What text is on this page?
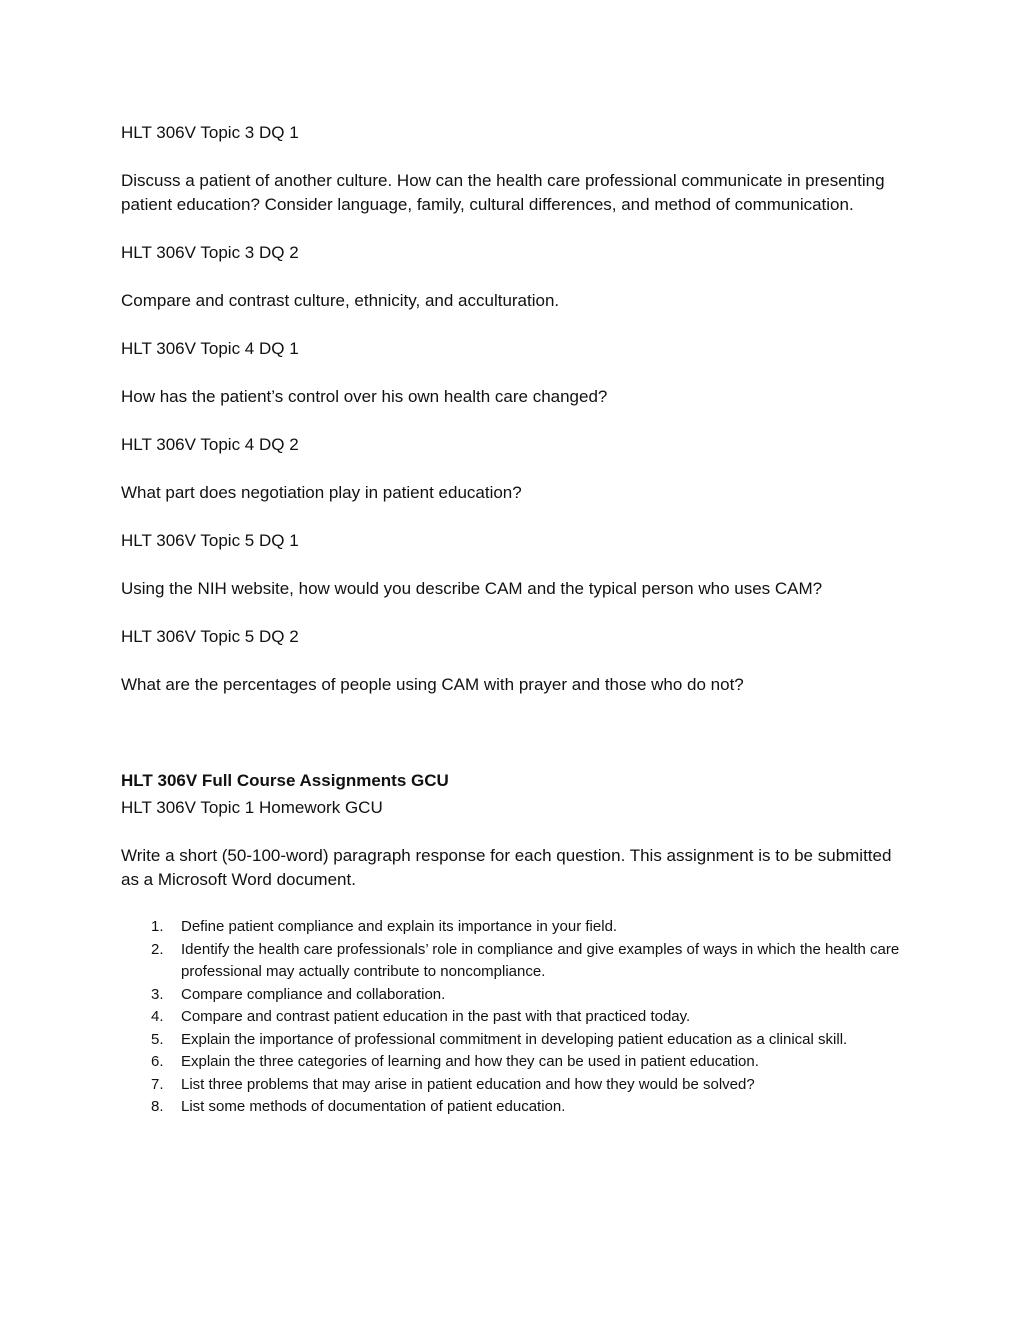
HLT 306V Topic 3 DQ 1

Discuss a patient of another culture. How can the health care professional communicate in presenting patient education? Consider language, family, cultural differences, and method of communication.

HLT 306V Topic 3 DQ 2

Compare and contrast culture, ethnicity, and acculturation.

HLT 306V Topic 4 DQ 1

How has the patient’s control over his own health care changed?

HLT 306V Topic 4 DQ 2

What part does negotiation play in patient education?

HLT 306V Topic 5 DQ 1

Using the NIH website, how would you describe CAM and the typical person who uses CAM?

HLT 306V Topic 5 DQ 2

What are the percentages of people using CAM with prayer and those who do not?

HLT 306V Full Course Assignments GCU

HLT 306V Topic 1 Homework GCU

Write a short (50-100-word) paragraph response for each question. This assignment is to be submitted as a Microsoft Word document.

1.	Define patient compliance and explain its importance in your field.
2.	Identify the health care professionals’ role in compliance and give examples of ways in which the health care professional may actually contribute to noncompliance.
3.	Compare compliance and collaboration.
4.	Compare and contrast patient education in the past with that practiced today.
5.	Explain the importance of professional commitment in developing patient education as a clinical skill.
6.	Explain the three categories of learning and how they can be used in patient education.
7.	List three problems that may arise in patient education and how they would be solved?
8.	List some methods of documentation of patient education.
